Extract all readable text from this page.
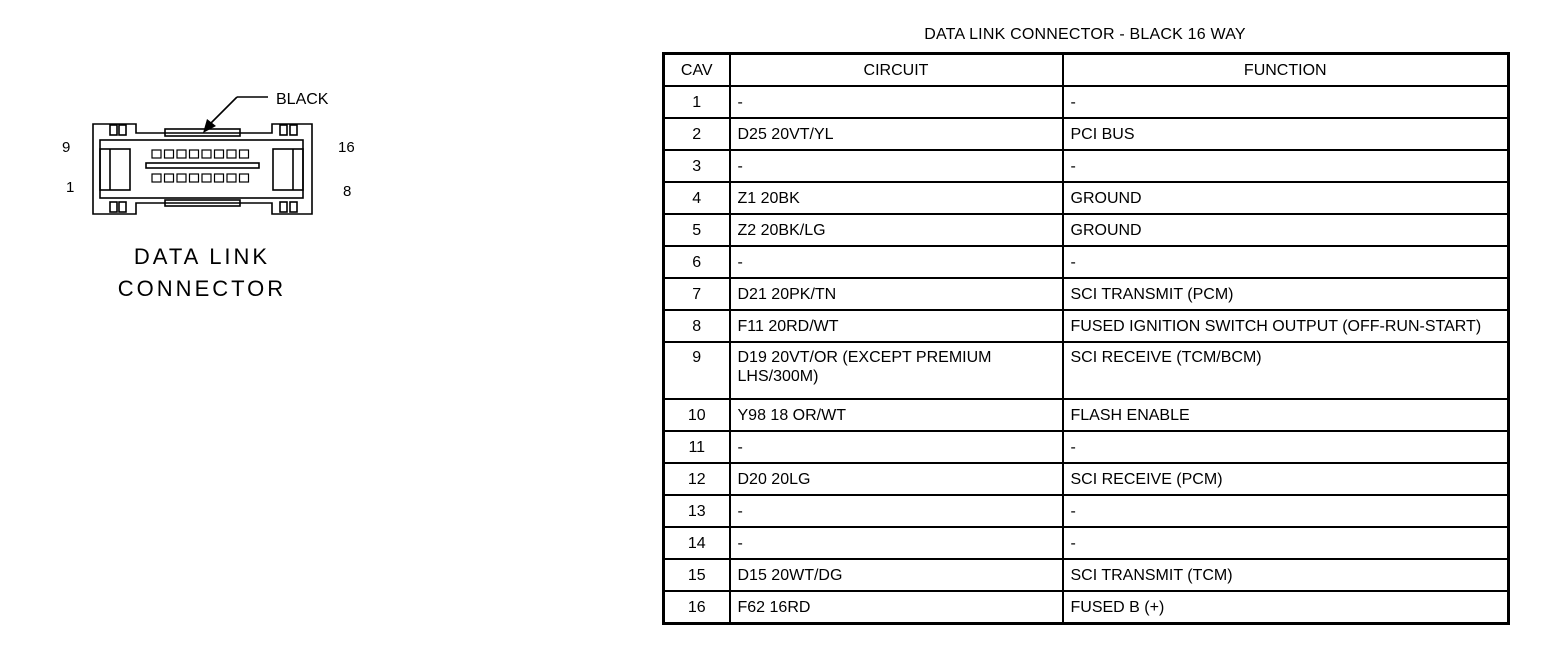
BLACK
9
1
16
8
DATA LINK
CONNECTOR
DATA LINK CONNECTOR - BLACK 16 WAY
CAV	CIRCUIT	FUNCTION
1	-	-
2	D25 20VT/YL	PCI BUS
3	-	-
4	Z1 20BK	GROUND
5	Z2 20BK/LG	GROUND
6	-	-
7	D21 20PK/TN	SCI TRANSMIT (PCM)
8	F11 20RD/WT	FUSED IGNITION SWITCH OUTPUT (OFF-RUN-START)
9	D19 20VT/OR (EXCEPT PREMIUM LHS/300M)	SCI RECEIVE (TCM/BCM)
10	Y98 18 OR/WT	FLASH ENABLE
11	-	-
12	D20 20LG	SCI RECEIVE (PCM)
13	-	-
14	-	-
15	D15 20WT/DG	SCI TRANSMIT (TCM)
16	F62 16RD	FUSED B (+)
